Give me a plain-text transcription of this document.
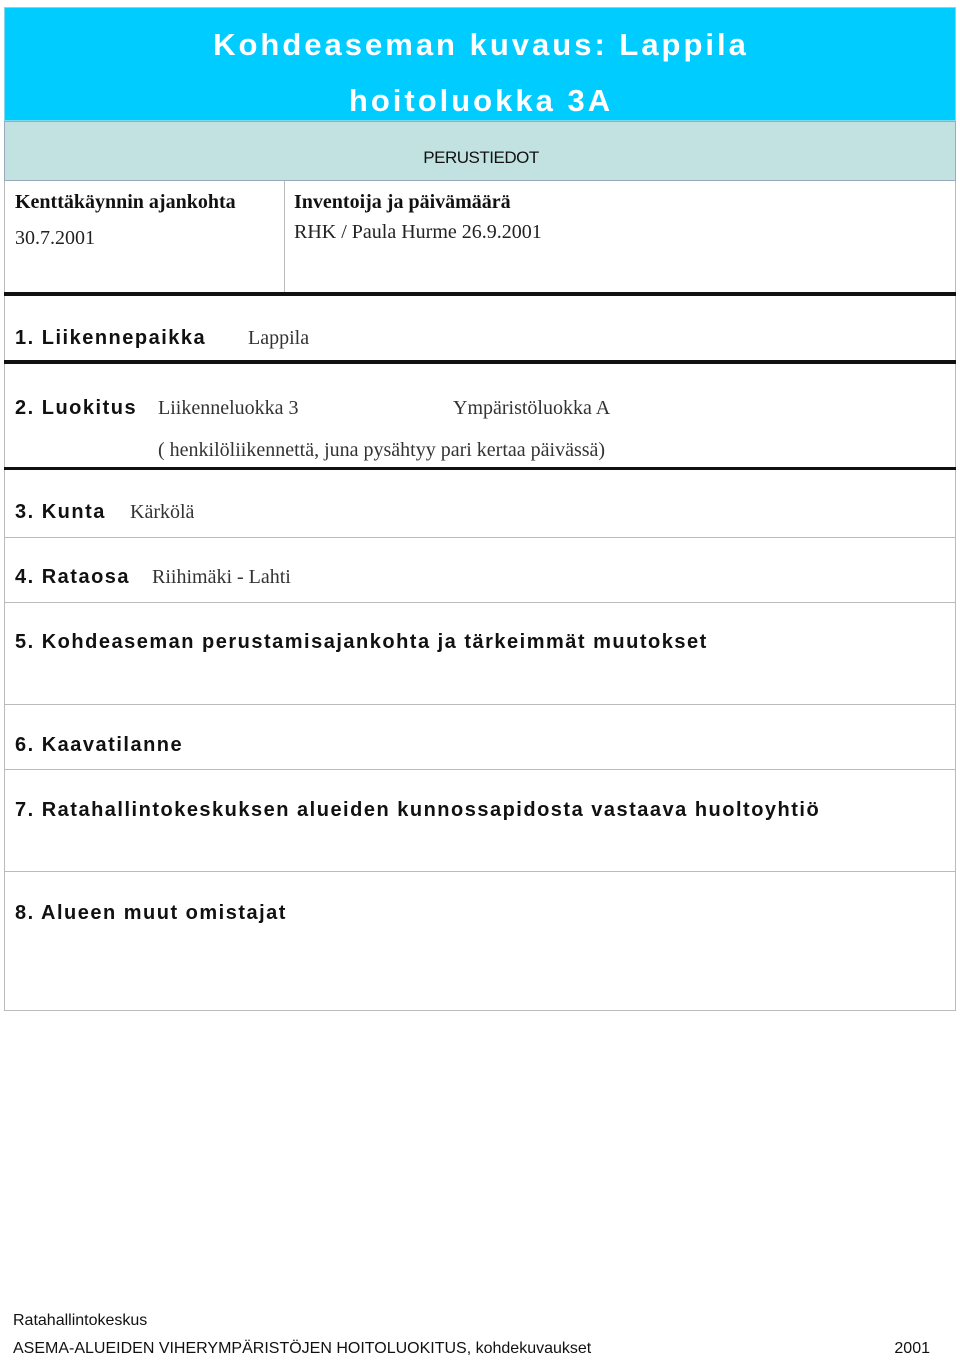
Kohdeaseman kuvaus: Lappila
hoitoluokka 3A
PERUSTIEDOT
Kenttäkäynnin ajankohta
30.7.2001
Inventoija ja päivämäärä
RHK / Paula Hurme 26.9.2001
1. Liikennepaikka Lappila
2. Luokitus Liikenneluokka 3	Ympäristöluokka A
( henkilöliikennettä, juna pysähtyy pari kertaa päivässä)
3. Kunta Kärkölä
4. Rataosa Riihimäki - Lahti
5. Kohdeaseman perustamisajankohta ja tärkeimmät muutokset
6. Kaavatilanne
7. Ratahallintokeskuksen alueiden kunnossapidosta vastaava huoltoyhtiö
8. Alueen muut omistajat
Ratahallintokeskus
ASEMA-ALUEIDEN VIHERYMPÄRISTÖJEN HOITOLUOKITUS, kohdekuvaukset	2001
